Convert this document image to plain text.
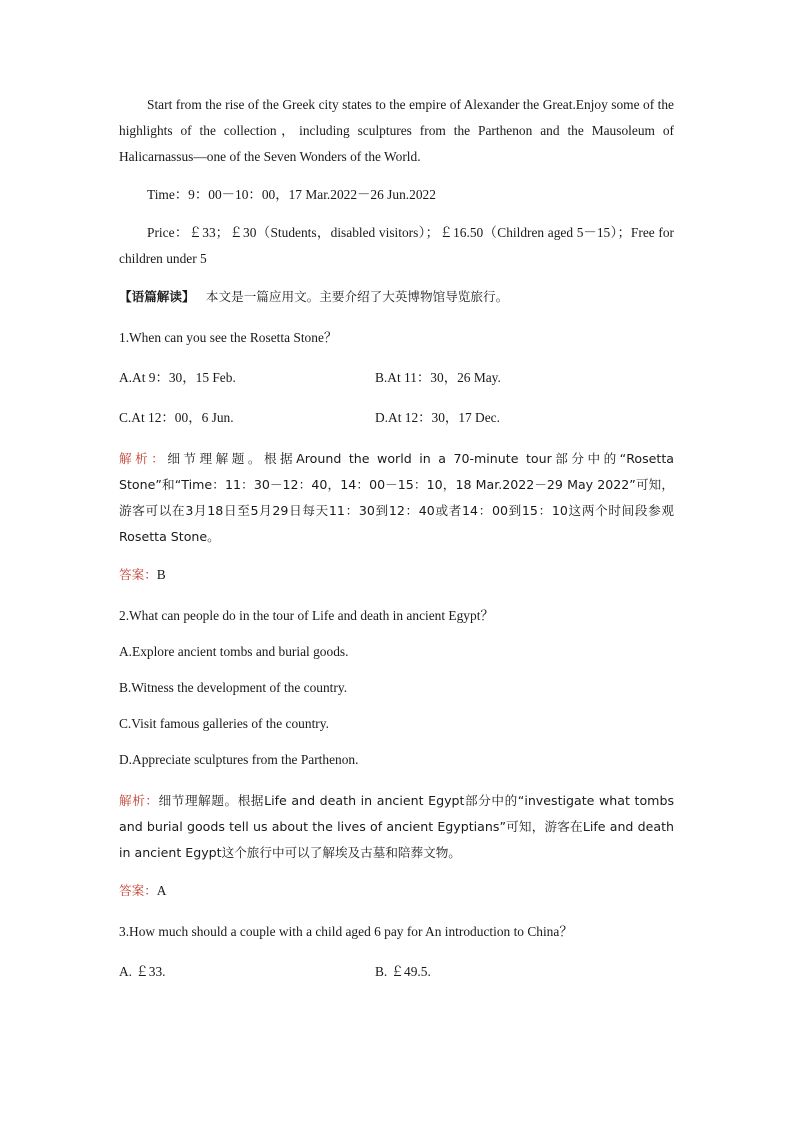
Start from the rise of the Greek city states to the empire of Alexander the Great.Enjoy some of the highlights of the collection，including sculptures from the Parthenon and the Mausoleum of Halicarnassus—one of the Seven Wonders of the World.

Time：9：00－10：00，17 Mar.2022－26 Jun.2022

Price：￡33；￡30（Students，disabled visitors）；￡16.50（Children aged 5－15）；Free for children under 5

【语篇解读】 本文是一篇应用文。主要介绍了大英博物馆导览旅行。

1.When can you see the Rosetta Stone？

A.At 9：30，15 Feb.	B.At 11：30，26 May.
C.At 12：00，6 Jun.	D.At 12：30，17 Dec.

解析：细节理解题。根据Around the world in a 70-minute tour部分中的“Rosetta Stone”和“Time：11：30－12：40，14：00－15：10，18 Mar.2022－29 May 2022”可知，游客可以在3月18日至5月29日每天11：30到12：40或者14：00到15：10这两个时间段参观Rosetta Stone。

答案：B

2.What can people do in the tour of Life and death in ancient Egypt？

A.Explore ancient tombs and burial goods.

B.Witness the development of the country.

C.Visit famous galleries of the country.

D.Appreciate sculptures from the Parthenon.

解析：细节理解题。根据Life and death in ancient Egypt部分中的“investigate what tombs and burial goods tell us about the lives of ancient Egyptians”可知，游客在Life and death in ancient Egypt这个旅行中可以了解埃及古墓和陪葬文物。

答案：A

3.How much should a couple with a child aged 6 pay for An introduction to China？

A. ￡33.	B. ￡49.5.
